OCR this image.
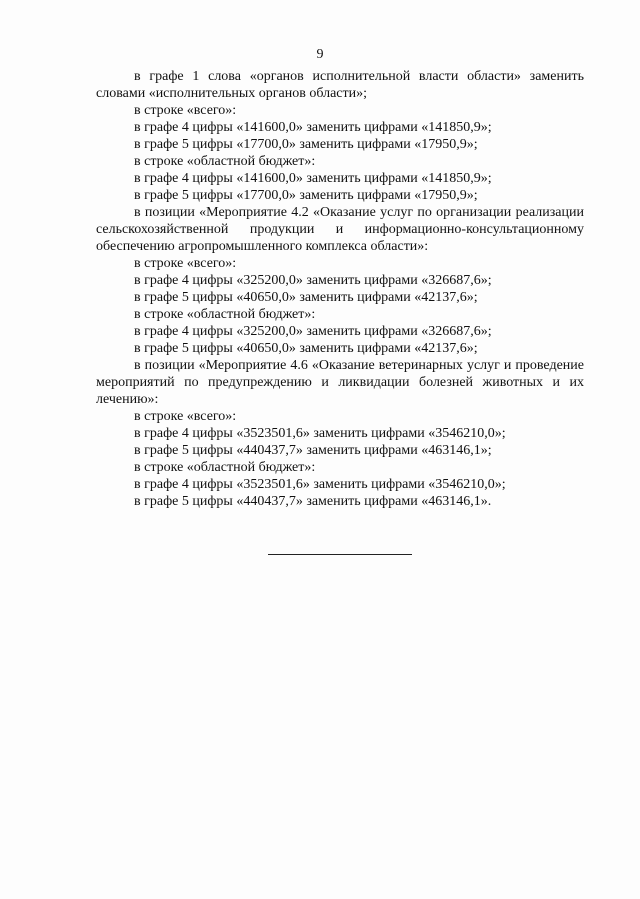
9

в графе 1 слова «органов исполнительной власти области» заменить словами «исполнительных органов области»;

в строке «всего»:

в графе 4 цифры «141600,0» заменить цифрами «141850,9»;

в графе 5 цифры «17700,0» заменить цифрами «17950,9»;

в строке «областной бюджет»:

в графе 4 цифры «141600,0» заменить цифрами «141850,9»;

в графе 5 цифры «17700,0» заменить цифрами «17950,9»;

в позиции «Мероприятие 4.2 «Оказание услуг по организации реализации сельскохозяйственной продукции и информационно-консультационному обеспечению агропромышленного комплекса области»:

в строке «всего»:

в графе 4 цифры «325200,0» заменить цифрами «326687,6»;

в графе 5 цифры «40650,0» заменить цифрами «42137,6»;

в строке «областной бюджет»:

в графе 4 цифры «325200,0» заменить цифрами «326687,6»;

в графе 5 цифры «40650,0» заменить цифрами «42137,6»;

в позиции «Мероприятие 4.6 «Оказание ветеринарных услуг и проведение мероприятий по предупреждению и ликвидации болезней животных и их лечению»:

в строке «всего»:

в графе 4 цифры «3523501,6» заменить цифрами «3546210,0»;

в графе 5 цифры «440437,7» заменить цифрами «463146,1»;

в строке «областной бюджет»:

в графе 4 цифры «3523501,6» заменить цифрами «3546210,0»;

в графе 5 цифры «440437,7» заменить цифрами «463146,1».
